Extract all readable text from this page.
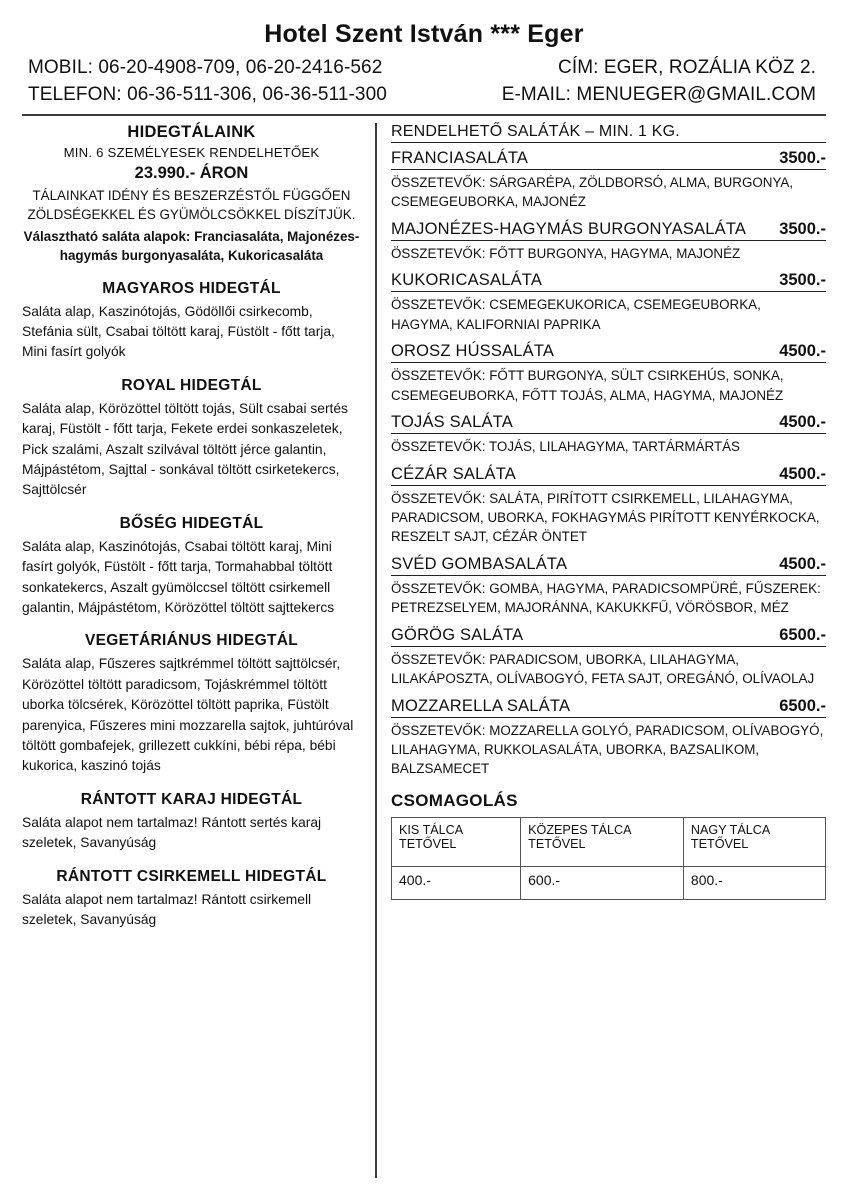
Hotel Szent István *** Eger
MOBIL: 06-20-4908-709, 06-20-2416-562	CÍM: EGER, ROZÁLIA KÖZ 2.
TELEFON: 06-36-511-306, 06-36-511-300	E-MAIL: MENUEGER@GMAIL.COM
HIDEGTÁLAINK
MIN. 6 SZEMÉLYESEK RENDELHETŐEK
23.990.- ÁRON
TÁLAINKAT IDÉNY ÉS BESZERZÉSTŐL FÜGGŐEN ZÖLDSÉGEKKEL ÉS GYÜMÖLCSÖKKEL DÍSZÍTJÜK.
Választható saláta alapok: Franciasaláta, Majonézes-hagymás burgonyasaláta, Kukoricasaláta
MAGYAROS HIDEGTÁL
Saláta alap, Kaszinótojás, Gödöllői csirkecomb, Stefánia sült, Csabai töltött karaj, Füstölt - főtt tarja, Mini fasírt golyók
ROYAL HIDEGTÁL
Saláta alap, Körözöttel töltött tojás, Sült csabai sertés karaj, Füstölt - főtt tarja, Fekete erdei sonkaszeletek, Pick szalámi, Aszalt szilvával töltött jérce galantin, Májpástétom, Sajttal - sonkával töltött csirketekercs, Sajttölcsér
BŐSÉG HIDEGTÁL
Saláta alap, Kaszinótojás, Csabai töltött karaj, Mini fasírt golyók, Füstölt - főtt tarja, Tormahabbal töltött sonkatekercs, Aszalt gyümölccsel töltött csirkemell galantin, Májpástétom, Körözöttel töltött sajttekercs
VEGETÁRIÁNUS HIDEGTÁL
Saláta alap, Fűszeres sajtkrémmel töltött sajttölcsér, Körözöttel töltött paradicsom, Tojáskrémmel töltött uborka tölcsérek, Körözöttel töltött paprika, Füstölt parenyica, Fűszeres mini mozzarella sajtok, juhtúróval töltött gombafejek, grillezett cukkíni, bébi répa, bébi kukorica, kaszinó tojás
RÁNTOTT KARAJ HIDEGTÁL
Saláta alapot nem tartalmaz! Rántott sertés karaj szeletek, Savanyúság
RÁNTOTT CSIRKEMELL HIDEGTÁL
Saláta alapot nem tartalmaz! Rántott csirkemell szeletek, Savanyúság
RENDELHETŐ SALÁTÁK – MIN. 1 KG.
FRANCIASALÁTA	3500.-
ÖSSZETEVŐK: SÁRGARÉPA, ZÖLDBORSÓ, ALMA, BURGONYA, CSEMEGEUBORKA, MAJONÉZ
MAJONÉZES-HAGYMÁS BURGONYASALÁTA 3500.-
ÖSSZETEVŐK: FŐTT BURGONYA, HAGYMA, MAJONÉZ
KUKORICASALÁTA	3500.-
ÖSSZETEVŐK: CSEMEGEKUKORICA, CSEMEGEUBORKA, HAGYMA, KALIFORNIAI PAPRIKA
OROSZ HÚSSALÁTA	4500.-
ÖSSZETEVŐK: FŐTT BURGONYA, SÜLT CSIRKEHÚS, SONKA, CSEMEGEUBORKA, FŐTT TOJÁS, ALMA, HAGYMA, MAJONÉZ
TOJÁS SALÁTA	4500.-
ÖSSZETEVŐK: TOJÁS, LILAHAGYMA, TARTÁRMÁRTÁS
CÉZÁR SALÁTA	4500.-
ÖSSZETEVŐK: SALÁTA, PIRÍTOTT CSIRKEMELL, LILAHAGYMA, PARADICSOM, UBORKA, FOKHAGYMÁS PIRÍTOTT KENYÉRKOCKA, RESZELT SAJT, CÉZÁR ÖNTET
SVÉD GOMBASALÁTA	4500.-
ÖSSZETEVŐK: GOMBA, HAGYMA, PARADICSOMPÜRÉ, FŰSZEREK: PETREZSELYEM, MAJORÁNNA, KAKUKKFŰ, VÖRÖSBOR, MÉZ
GÖRÖG SALÁTA	6500.-
ÖSSZETEVŐK: PARADICSOM, UBORKA, LILAHAGYMA, LILAKÁPOSZTA, OLÍVABOGYÓ, FETA SAJT, OREGÁNÓ, OLÍVAOLAJ
MOZZARELLA SALÁTA	6500.-
ÖSSZETEVŐK: MOZZARELLA GOLYÓ, PARADICSOM, OLÍVABOGYÓ, LILAHAGYMA, RUKKOLASALÁTA, UBORKA, BAZSALIKOM, BALZSAMECET
CSOMAGOLÁS
KIS TÁLCA TETŐVEL	KÖZEPES TÁLCA TETŐVEL	NAGY TÁLCA TETŐVEL
400.-	600.-	800.-
